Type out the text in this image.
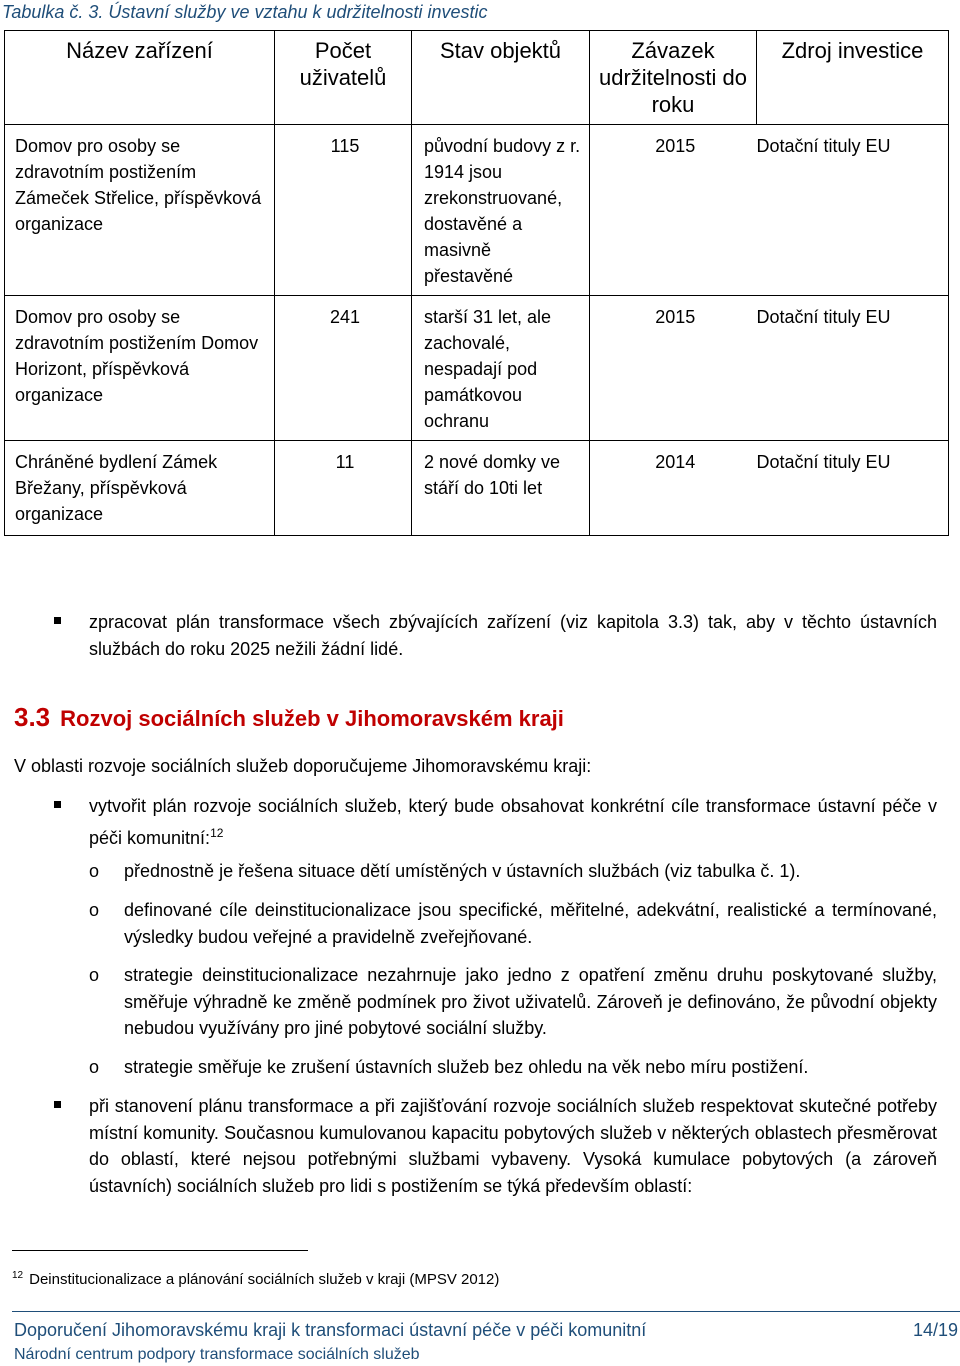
Tabulka č. 3. Ústavní služby ve vztahu k udržitelnosti investic
Název zařízení	Počet uživatelů	Stav objektů	Závazek udržitelnosti do roku	Zdroj investice
Domov pro osoby se zdravotním postižením Zámeček Střelice, příspěvková organizace	115	původní budovy z r. 1914 jsou zrekonstruované, dostavěné a masivně přestavěné	2015	Dotační tituly EU
Domov pro osoby se zdravotním postižením Domov Horizont, příspěvková organizace	241	starší 31 let, ale zachovalé, nespadají pod památkovou ochranu	2015	Dotační tituly EU
Chráněné bydlení Zámek Břežany, příspěvková organizace	11	2 nové domky ve stáří do 10ti let	2014	Dotační tituly EU
zpracovat plán transformace všech zbývajících zařízení (viz kapitola 3.3) tak, aby v těchto ústavních službách do roku 2025 nežili žádní lidé.
3.3 Rozvoj sociálních služeb v Jihomoravském kraji
V oblasti rozvoje sociálních služeb doporučujeme Jihomoravskému kraji:
vytvořit plán rozvoje sociálních služeb, který bude obsahovat konkrétní cíle transformace ústavní péče v péči komunitní:$^{12}$
o přednostně je řešena situace dětí umístěných v ústavních službách (viz tabulka č. 1).
o definované cíle deinstitucionalizace jsou specifické, měřitelné, adekvátní, realistické a termínované, výsledky budou veřejné a pravidelně zveřejňované.
o strategie deinstitucionalizace nezahrnuje jako jedno z opatření změnu druhu poskytované služby, směřuje výhradně ke změně podmínek pro život uživatelů. Zároveň je definováno, že původní objekty nebudou využívány pro jiné pobytové sociální služby.
o strategie směřuje ke zrušení ústavních služeb bez ohledu na věk nebo míru postižení.
při stanovení plánu transformace a při zajišťování rozvoje sociálních služeb respektovat skutečné potřeby místní komunity. Současnou kumulovanou kapacitu pobytových služeb v některých oblastech přesměrovat do oblastí, které nejsou potřebnými službami vybaveny. Vysoká kumulace pobytových (a zároveň ústavních) sociálních služeb pro lidi s postižením se týká především oblastí:
$^{12}$ Deinstitucionalizace a plánování sociálních služeb v kraji (MPSV 2012)
Doporučení Jihomoravskému kraji k transformaci ústavní péče v péči komunitní	14/19
Národní centrum podpory transformace sociálních služeb
